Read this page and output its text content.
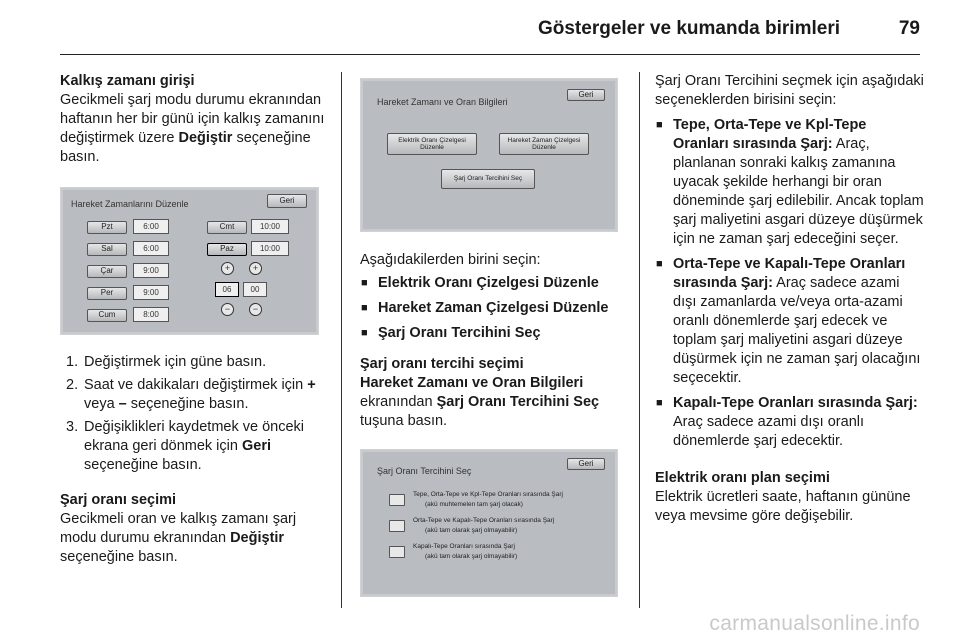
Göstergeler ve kumanda birimleri	79

Kalkış zamanı girişi

Gecikmeli şarj modu durumu ekranından haftanın her bir günü için kalkış zamanını değiştirmek üzere Değiştir seçeneğine basın.

Hareket Zamanlarını Düzenle	Geri
Pzt	6:00
Sal	6:00
Çar	9:00
Per	9:00
Cum	8:00
Cmt	10:00
Paz	10:00
+	+
06	00
−	−
1. Değiştirmek için güne basın.
2. Saat ve dakikaları değiştirmek için + veya – seçeneğine basın.
3. Değişiklikleri kaydetmek ve önceki ekrana geri dönmek için Geri seçeneğine basın.

Şarj oranı seçimi

Gecikmeli oran ve kalkış zamanı şarj modu durumu ekranından Değiştir seçeneğine basın.

Hareket Zamanı ve Oran Bilgileri
Geri
Elektrik Oranı Çizelgesi Düzenle
Hareket Zaman Çizelgesi Düzenle
Şarj Oranı Tercihini Seç

Aşağıdakilerden birini seçin:

■ Elektrik Oranı Çizelgesi Düzenle
■ Hareket Zaman Çizelgesi Düzenle
■ Şarj Oranı Tercihini Seç

Şarj oranı tercihi seçimi

Hareket Zamanı ve Oran Bilgileri
ekranından Şarj Oranı Tercihini Seç
tuşuna basın.

Şarj Oranı Tercihini Seç
Geri
Tepe, Orta-Tepe ve Kpl-Tepe Oranları sırasında Şarj
(akü muhtemelen tam şarj olacak)
Orta-Tepe ve Kapalı-Tepe Oranları sırasında Şarj
(akü tam olarak şarj olmayabilir)
Kapalı-Tepe Oranları sırasında Şarj
(akü tam olarak şarj olmayabilir)

Şarj Oranı Tercihini seçmek için aşağıdaki seçeneklerden birisini seçin:

■ Tepe, Orta-Tepe ve Kpl-Tepe Oranları sırasında Şarj: Araç, planlanan sonraki kalkış zamanına uyacak şekilde herhangi bir oran döneminde şarj edilebilir. Ancak toplam şarj maliyetini asgari düzeye düşürmek için ne zaman şarj edeceğini seçer.
■ Orta-Tepe ve Kapalı-Tepe Oranları sırasında Şarj: Araç sadece azami dışı zamanlarda ve/veya orta-azami oranlı dönemlerde şarj edecek ve toplam şarj maliyetini asgari düzeye düşürmek için ne zaman şarj olacağını seçecektir.
■ Kapalı-Tepe Oranları sırasında Şarj: Araç sadece azami dışı oranlı dönemlerde şarj edecektir.

Elektrik oranı plan seçimi

Elektrik ücretleri saate, haftanın gününe veya mevsime göre değişebilir.

carmanualsonline.info
